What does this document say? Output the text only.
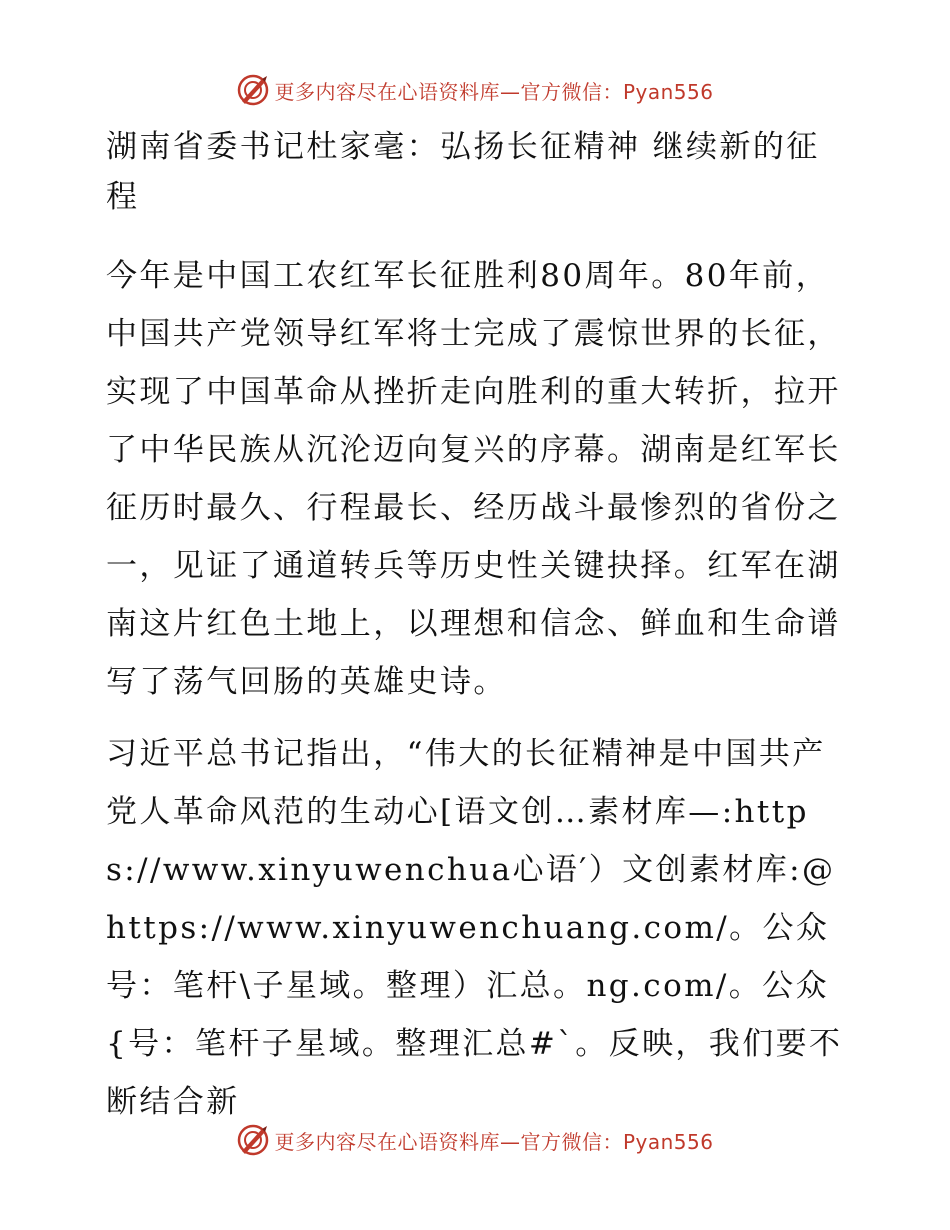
更多内容尽在心语资料库—官方微信：Pyan556
湖南省委书记杜家毫：弘扬长征精神 继续新的征程

今年是中国工农红军长征胜利80周年。80年前，中国共产党领导红军将士完成了震惊世界的长征，实现了中国革命从挫折走向胜利的重大转折，拉开了中华民族从沉沦迈向复兴的序幕。湖南是红军长征历时最久、行程最长、经历战斗最惨烈的省份之一，见证了通道转兵等历史性关键抉择。红军在湖南这片红色土地上，以理想和信念、鲜血和生命谱写了荡气回肠的英雄史诗。

习近平总书记指出，“伟大的长征精神是中国共产党人革命风范的生动心[语文创…素材库—:https://www.xinyuwenchua心语′）文创素材库:@https://www.xinyuwenchuang.com/。公众号：笔杆\子星域。整理）汇总。ng.com/。公众{号：笔杆子星域。整理汇总#`。反映，我们要不断结合新

更多内容尽在心语资料库—官方微信：Pyan556
